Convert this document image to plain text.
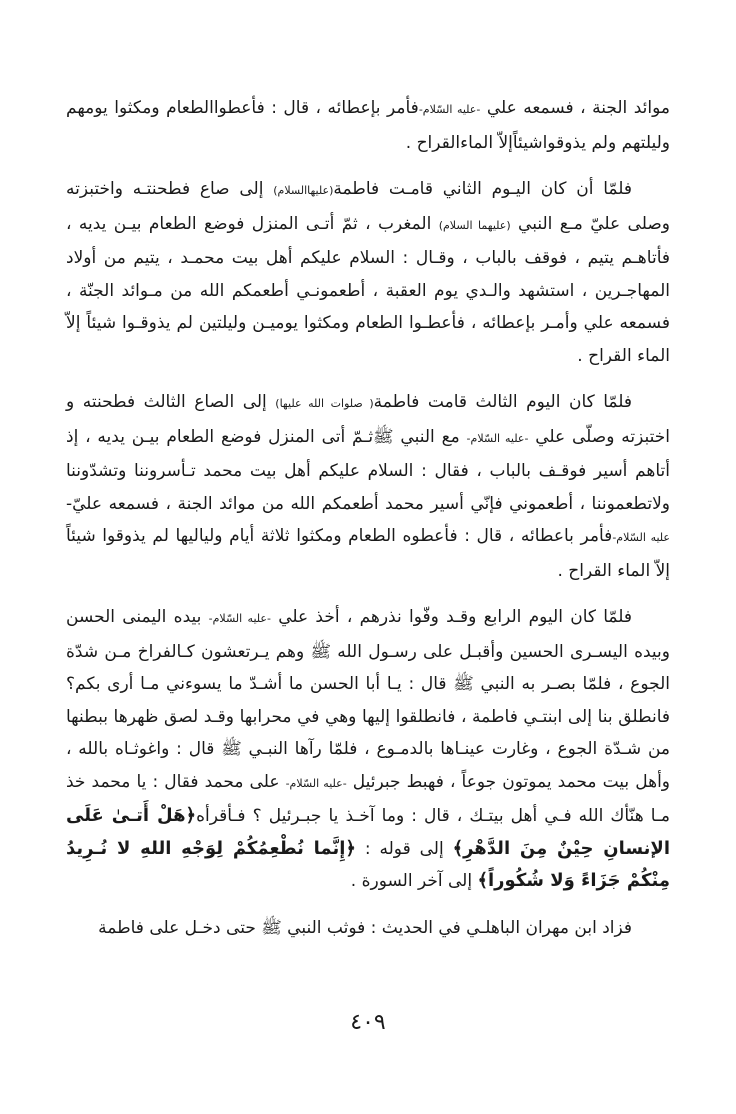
موائد الجنة ، فسمعه علي -عليه السّلام-فأمر بإعطائه ، قال : فأعطواالطعام ومكثوا يومهم وليلتهم ولم يذوقواشيئاًإلاّ الماءالقراح .

فلمّا أن كان اليـوم الثاني قامـت فاطمة(عليهاالسلام) إلى صاع فطحنتـه واختبزته وصلى عليّ مـع النبي (عليهما السلام) المغرب ، ثمّ أتـى المنزل فوضع الطعام بيـن يديه ، فأتاهـم يتيم ، فوقف بالباب ، وقـال : السلام عليكم أهل بيت محمـد ، يتيم من أولاد المهاجـرين ، استشهد والـدي يوم العقبة ، أطعمونـي أطعمكم الله من مـوائد الجنّة ، فسمعه علي وأمـر بإعطائه ، فأعطـوا الطعام ومكثوا يوميـن وليلتين لم يذوقـوا شيئاً إلاّ الماء القراح .

فلمّا كان اليوم الثالث قامت فاطمة( صلوات الله عليها) إلى الصاع الثالث فطحنته و اختبزته وصلّى علي -عليه السّلام- مع النبي ﷺثـمّ أتى المنزل فوضع الطعام بيـن يديه ، إذ أتاهم أسير فوقـف بالباب ، فقال : السلام عليكم أهل بيت محمد تـأسروننا وتشدّوننا ولاتطعموننا ، أطعموني فإنّي أسير محمد أطعمكم الله من موائد الجنة ، فسمعه عليّ-عليه السّلام-فأمر باعطائه ، قال : فأعطوه الطعام ومكثوا ثلاثة أيام ولياليها لم يذوقوا شيئاً إلاّ الماء القراح .

فلمّا كان اليوم الرابع وقـد وفّوا نذرهم ، أخذ علي -عليه السّلام- بيده اليمنى الحسن وبيده اليسـرى الحسين وأقبـل على رسـول الله ﷺ وهم يـرتعشون كـالفراخ مـن شدّة الجوع ، فلمّا بصـر به النبي ﷺ قال : يـا أبا الحسن ما أشـدّ ما يسوءني مـا أرى بكم؟ فانطلق بنا إلى ابنتـي فاطمة ، فانطلقوا إليها وهي في محرابها وقـد لصق ظهرها ببطنها من شـدّة الجوع ، وغارت عينـاها بالدمـوع ، فلمّا رآها النبـي ﷺ قال : واغوثـاه بالله ، وأهل بيت محمد يموتون جوعاً ، فهبط جبرئيل -عليه السّلام- على محمد فقال : يا محمد خذ مـا هنّأك الله فـي أهل بيتـك ، قال : وما آخـذ يا جبـرئيل ؟ فـأقرأه﴿هَلْ أَتـىٰ عَلَى الإنسانِ حِيْنٌ مِنَ الدَّهْرِ﴾ إلى قوله : ﴿إِنَّما نُطْعِمُكُمْ لِوَجْهِ اللهِ لا نُـرِيدُ مِنْكُمْ جَزَاءً وَلا شُكُوراً﴾ إلى آخر السورة .

فزاد ابن مهران الباهلـي في الحديث : فوثب النبي ﷺ حتى دخـل على فاطمة

٤٠٩
